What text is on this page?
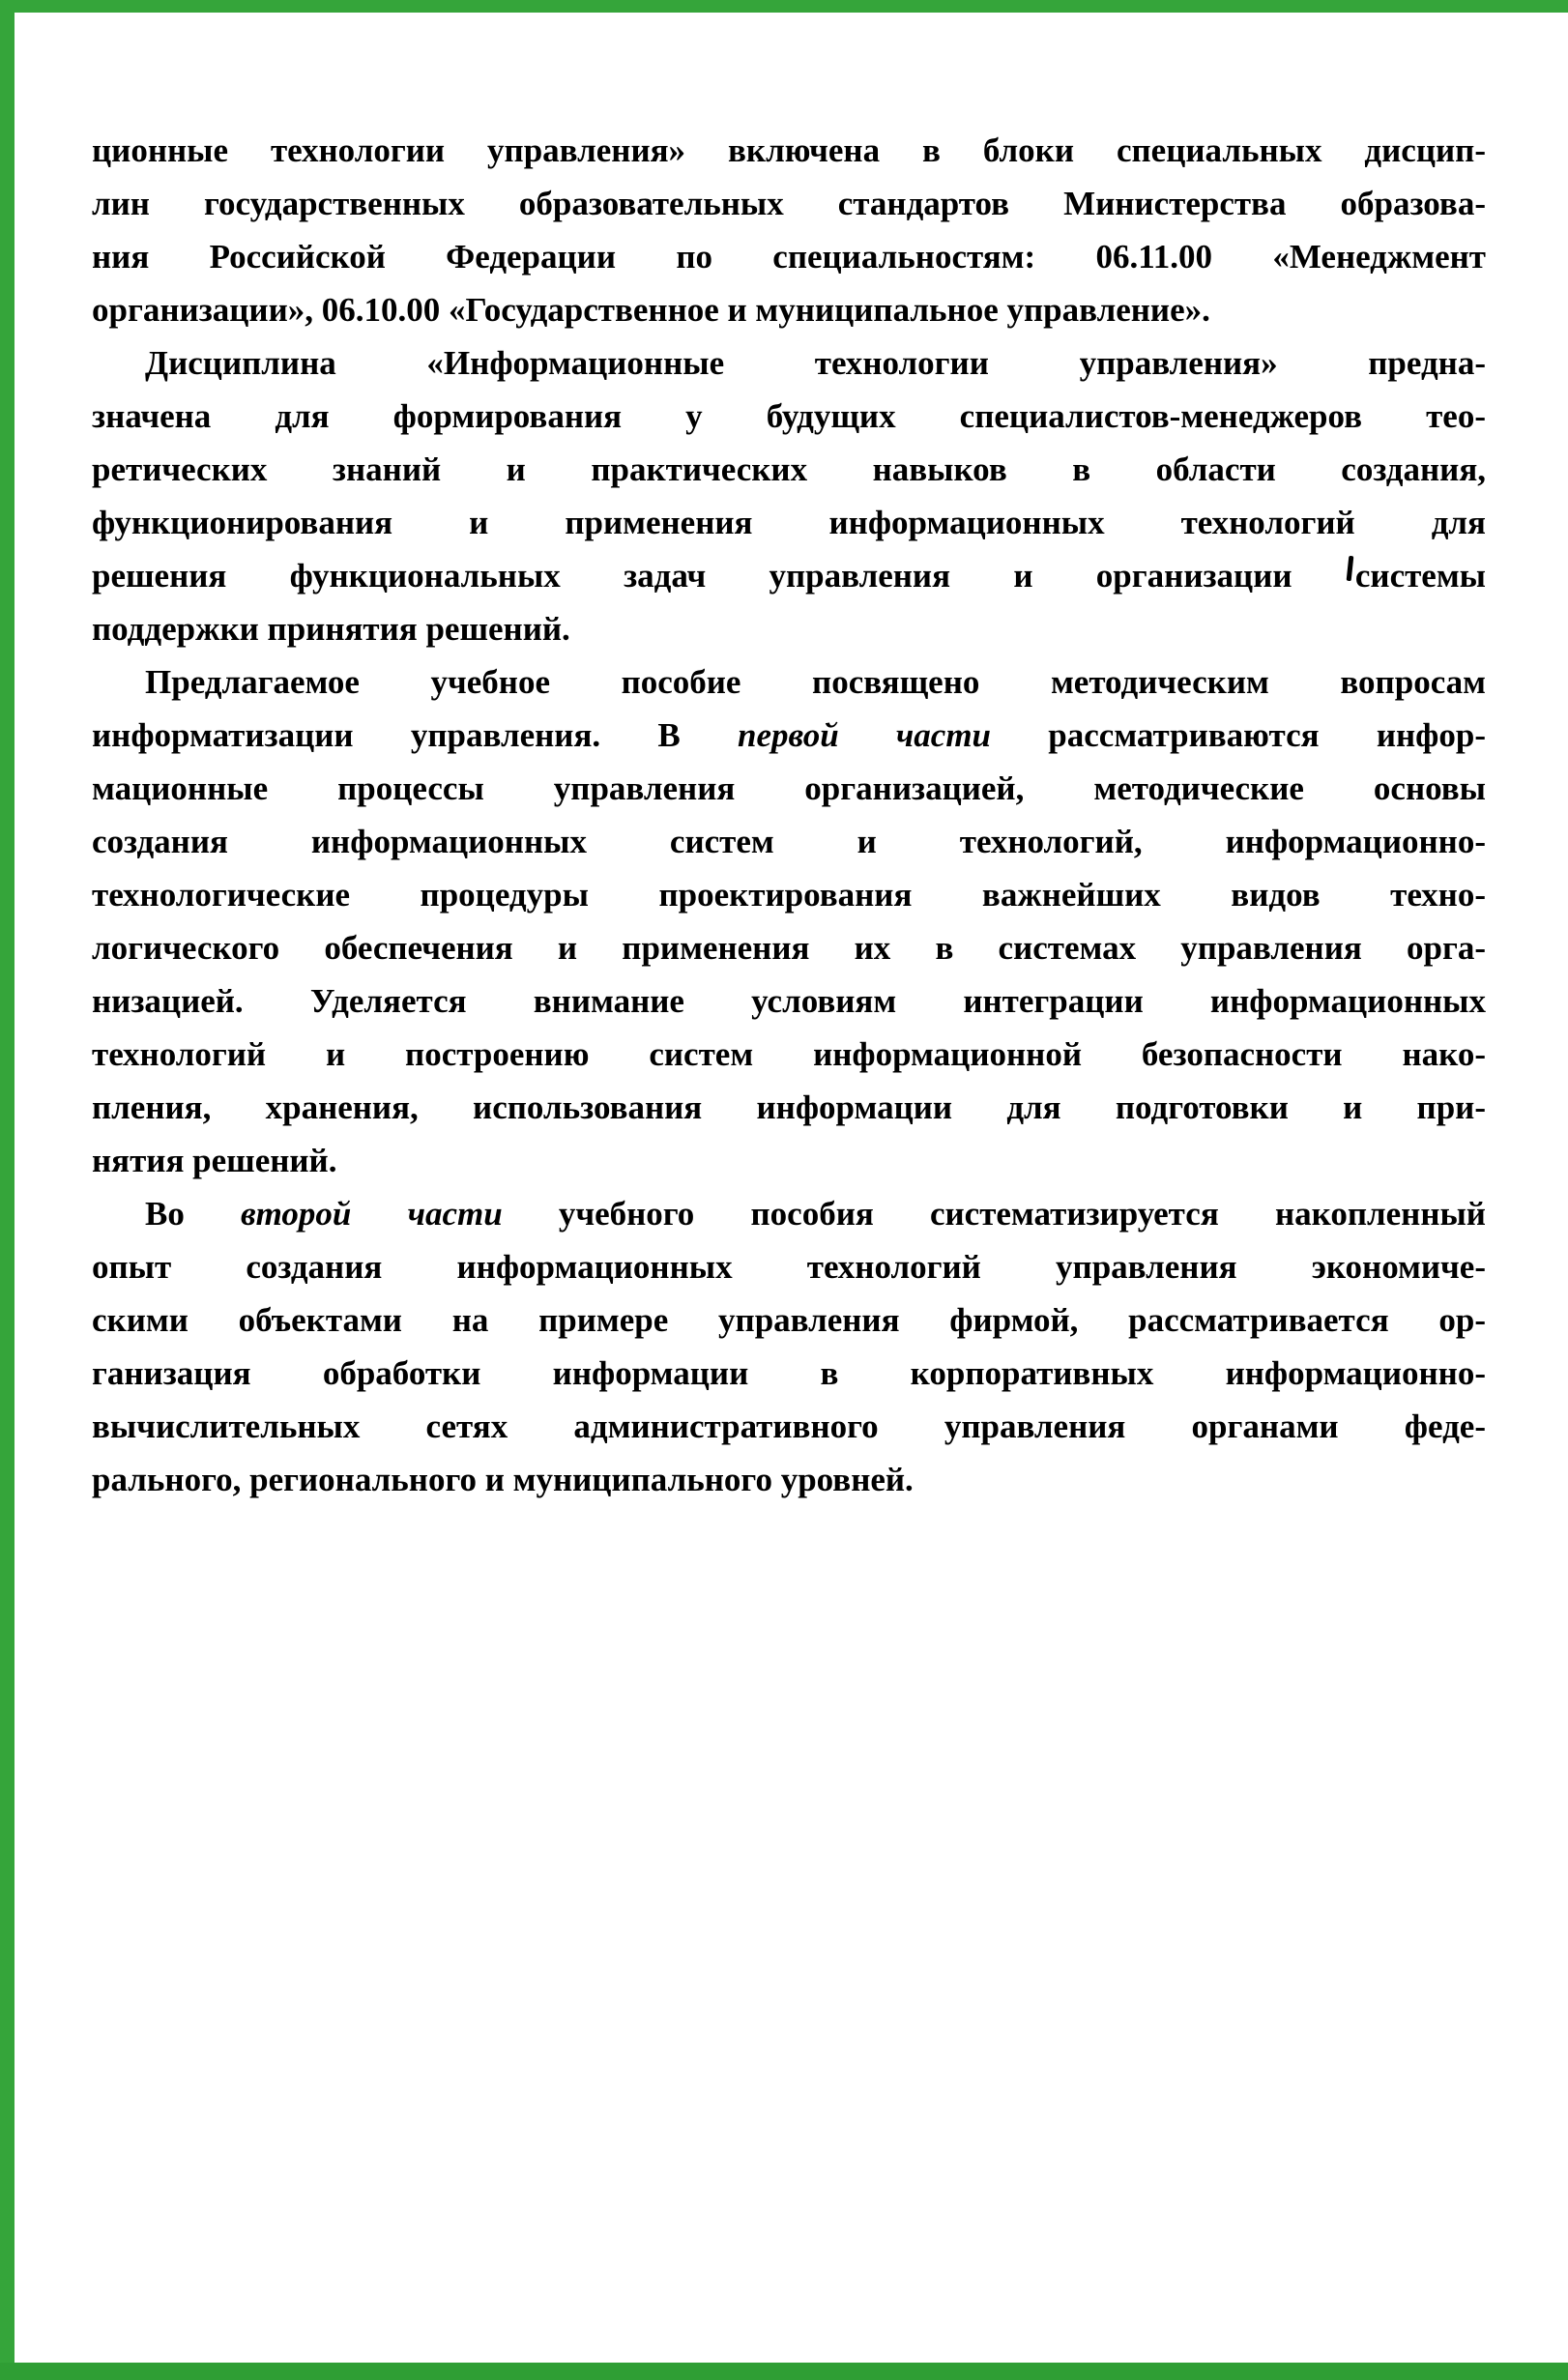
ционные технологии управления» включена в блоки специальных дисцип-
лин государственных образовательных стандартов Министерства образова-
ния Российской Федерации по специальностям: 06.11.00 «Менеджмент
организации», 06.10.00 «Государственное и муниципальное управление».
Дисциплина «Информационные технологии управления» предна-
значена для формирования у будущих специалистов-менеджеров тео-
ретических знаний и практических навыков в области создания,
функционирования и применения информационных технологий для
решения функциональных задач управления и организации системы
поддержки принятия решений.
Предлагаемое учебное пособие посвящено методическим вопросам
информатизации управления. В первой части рассматриваются инфор-
мационные процессы управления организацией, методические основы
создания информационных систем и технологий, информационно-
технологические процедуры проектирования важнейших видов техно-
логического обеспечения и применения их в системах управления орга-
низацией. Уделяется внимание условиям интеграции информационных
технологий и построению систем информационной безопасности нако-
пления, хранения, использования информации для подготовки и при-
нятия решений.
Во второй части учебного пособия систематизируется накопленный
опыт создания информационных технологий управления экономиче-
скими объектами на примере управления фирмой, рассматривается ор-
ганизация обработки информации в корпоративных информационно-
вычислительных сетях административного управления органами феде-
рального, регионального и муниципального уровней.
